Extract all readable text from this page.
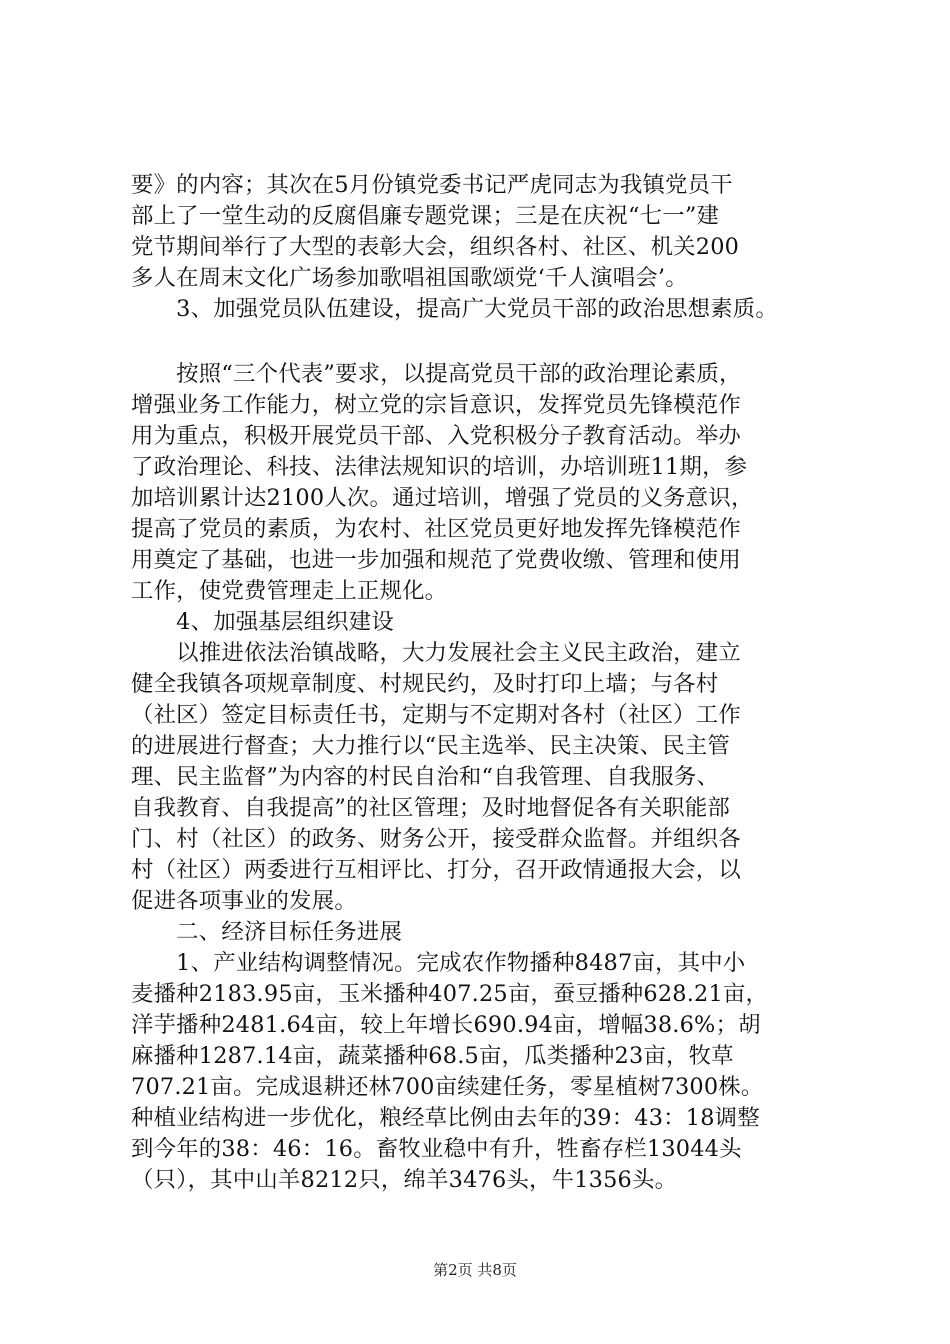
要》的内容；其次在5月份镇党委书记严虎同志为我镇党员干
部上了一堂生动的反腐倡廉专题党课；三是在庆祝“七一”建
党节期间举行了大型的表彰大会，组织各村、社区、机关200
多人在周末文化广场参加歌唱祖国歌颂党‘千人演唱会’。
　　3、加强党员队伍建设，提高广大党员干部的政治思想素质。
　　按照“三个代表”要求，以提高党员干部的政治理论素质，
增强业务工作能力，树立党的宗旨意识，发挥党员先锋模范作
用为重点，积极开展党员干部、入党积极分子教育活动。举办
了政治理论、科技、法律法规知识的培训，办培训班11期，参
加培训累计达2100人次。通过培训，增强了党员的义务意识，
提高了党员的素质，为农村、社区党员更好地发挥先锋模范作
用奠定了基础，也进一步加强和规范了党费收缴、管理和使用
工作，使党费管理走上正规化。
　　4、加强基层组织建设
　　以推进依法治镇战略，大力发展社会主义民主政治，建立
健全我镇各项规章制度、村规民约，及时打印上墙；与各村
（社区）签定目标责任书，定期与不定期对各村（社区）工作
的进展进行督查；大力推行以“民主选举、民主决策、民主管
理、民主监督”为内容的村民自治和“自我管理、自我服务、
自我教育、自我提高”的社区管理；及时地督促各有关职能部
门、村（社区）的政务、财务公开，接受群众监督。并组织各
村（社区）两委进行互相评比、打分，召开政情通报大会，以
促进各项事业的发展。
　　二、经济目标任务进展
　　1、产业结构调整情况。完成农作物播种8487亩，其中小
麦播种2183.95亩，玉米播种407.25亩，蚕豆播种628.21亩，
洋芋播种2481.64亩，较上年增长690.94亩，增幅38.6%；胡
麻播种1287.14亩，蔬菜播种68.5亩，瓜类播种23亩，牧草
707.21亩。完成退耕还林700亩续建任务，零星植树7300株。
种植业结构进一步优化，粮经草比例由去年的39：43：18调整
到今年的38：46：16。畜牧业稳中有升，牲畜存栏13044头
（只），其中山羊8212只，绵羊3476头，牛1356头。
第2页 共8页
